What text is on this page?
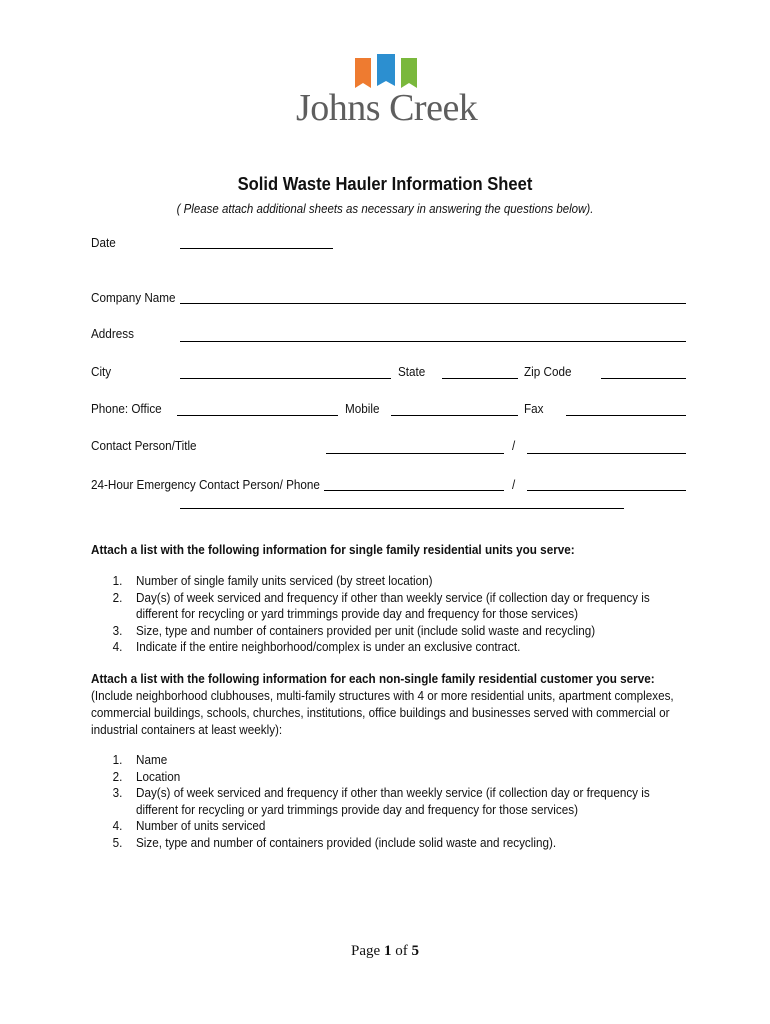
Johns Creek
Solid Waste Hauler Information Sheet
( Please attach additional sheets as necessary in answering the questions below).
Date
Company Name
Address
City	State	Zip Code
Phone: Office	Mobile	Fax
Contact Person/Title	/
24-Hour Emergency Contact Person/ Phone	/
Attach a list with the following information for single family residential units you serve:
1. Number of single family units serviced (by street location)
2. Day(s) of week serviced and frequency if other than weekly service (if collection day or frequency is different for recycling or yard trimmings provide day and frequency for those services)
3. Size, type and number of containers provided per unit (include solid waste and recycling)
4. Indicate if the entire neighborhood/complex is under an exclusive contract.
Attach a list with the following information for each non-single family residential customer you serve:
(Include neighborhood clubhouses, multi-family structures with 4 or more residential units, apartment complexes, commercial buildings, schools, churches, institutions, office buildings and businesses served with commercial or industrial containers at least weekly):
1. Name
2. Location
3. Day(s) of week serviced and frequency if other than weekly service (if collection day or frequency is different for recycling or yard trimmings provide day and frequency for those services)
4. Number of units serviced
5. Size, type and number of containers provided (include solid waste and recycling).
Page 1 of 5
